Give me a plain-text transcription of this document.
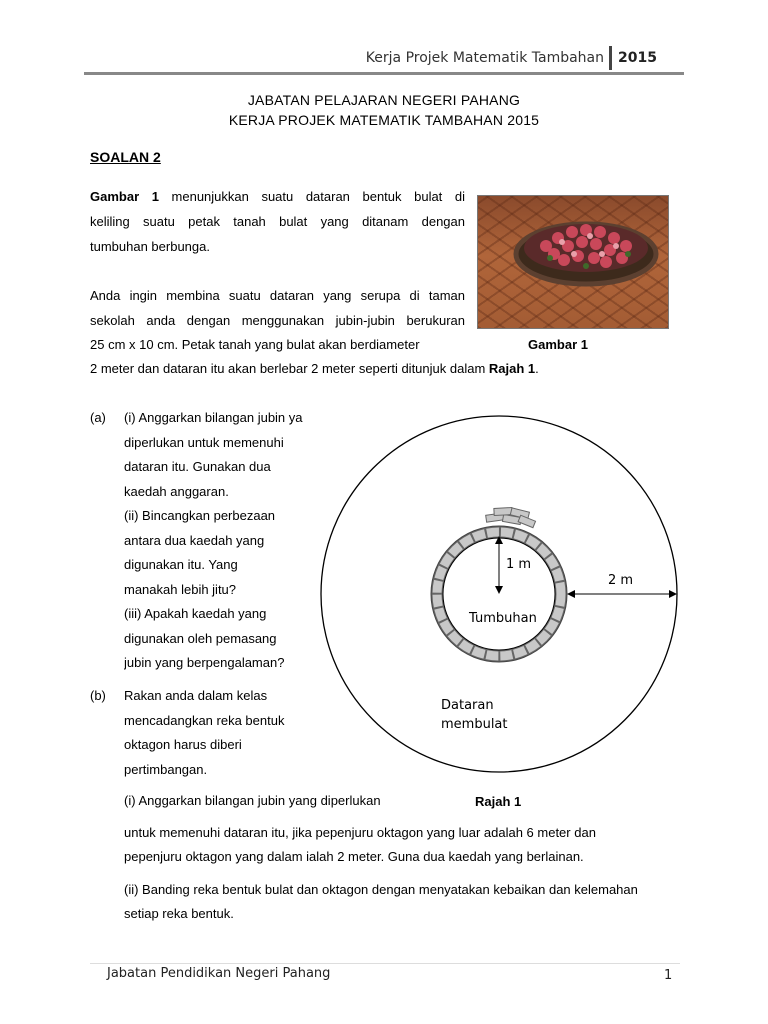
Kerja Projek Matematik Tambahan 2015
JABATAN PELAJARAN NEGERI PAHANG
KERJA PROJEK MATEMATIK TAMBAHAN 2015
SOALAN 2
Gambar 1 menunjukkan suatu dataran bentuk bulat di
keliling suatu petak tanah bulat yang ditanam dengan
tumbuhan berbunga.
Anda ingin membina suatu dataran yang serupa di taman
sekolah anda dengan menggunakan jubin-jubin berukuran
25 cm x 10 cm. Petak tanah yang bulat akan berdiameter	Gambar 1
2 meter dan dataran itu akan berlebar 2 meter seperti ditunjuk dalam Rajah 1.
(a) (i) Anggarkan bilangan jubin ya
diperlukan untuk memenuhi
dataran itu. Gunakan dua
kaedah anggaran.
(ii) Bincangkan perbezaan
antara dua kaedah yang
digunakan itu. Yang
manakah lebih jitu?
(iii) Apakah kaedah yang
digunakan oleh pemasang
jubin yang berpengalaman?
(b) Rakan anda dalam kelas
mencadangkan reka bentuk
oktagon harus diberi
pertimbangan.
1 m
2 m
Tumbuhan
Dataran
membulat
(i) Anggarkan bilangan jubin yang diperlukan	Rajah 1
untuk memenuhi dataran itu, jika pepenjuru oktagon yang luar adalah 6 meter dan
pepenjuru oktagon yang dalam ialah 2 meter. Guna dua kaedah yang berlainan.
(ii) Banding reka bentuk bulat dan oktagon dengan menyatakan kebaikan dan kelemahan
setiap reka bentuk.
Jabatan Pendidikan Negeri Pahang	1
